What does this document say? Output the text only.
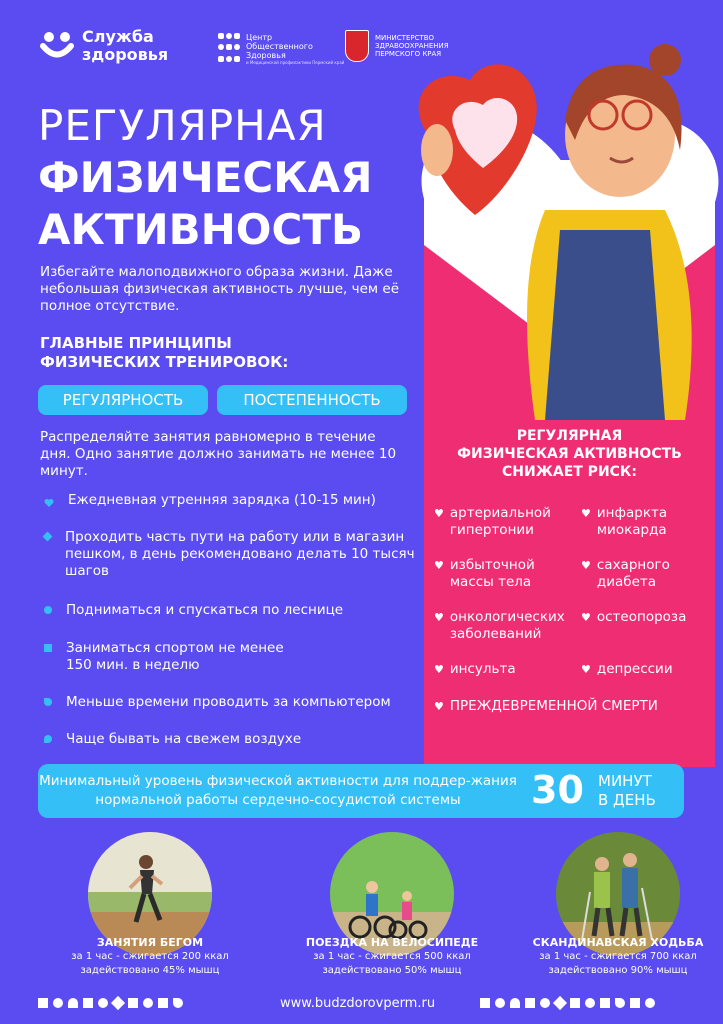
Служба
здоровья
Центр
Общественного
Здоровья
и Медицинской профилактики Пермский край
МИНИСТЕРСТВО
ЗДРАВООХРАНЕНИЯ
ПЕРМСКОГО КРАЯ
РЕГУЛЯРНАЯ
ФИЗИЧЕСКАЯ
АКТИВНОСТЬ
Избегайте малоподвижного образа жизни. Даже небольшая физическая активность лучше, чем её полное отсутствие.
ГЛАВНЫЕ ПРИНЦИПЫ
ФИЗИЧЕСКИХ ТРЕНИРОВОК:
РЕГУЛЯРНОСТЬ	ПОСТЕПЕННОСТЬ
Распределяйте занятия равномерно в течение дня. Одно занятие должно занимать не менее 10 минут.
Ежедневная утренняя зарядка (10-15 мин)
Проходить часть пути на работу или в магазин пешком, в день рекомендовано делать 10 тысяч шагов
Подниматься и спускаться по леснице
Заниматься спортом не менее 150 мин. в неделю
Меньше времени проводить за компьютером
Чаще бывать на свежем воздухе
РЕГУЛЯРНАЯ
ФИЗИЧЕСКАЯ АКТИВНОСТЬ
СНИЖАЕТ РИСК:
♥ артериальной гипертонии
♥ избыточной массы тела
♥ онкологических заболеваний
♥ инсульта
♥ инфаркта миокарда
♥ сахарного диабета
♥ остеопороза
♥ депрессии
♥ ПРЕЖДЕВРЕМЕННОЙ СМЕРТИ
Минимальный уровень физической активности для поддер-жания нормальной работы сердечно-сосудистой системы	30 МИНУТ
В ДЕНЬ
ЗАНЯТИЯ БЕГОМ
за 1 час - сжигается 200 ккал
задействовано 45% мышц
ПОЕЗДКА НА ВЕЛОСИПЕДЕ
за 1 час - сжигается 500 ккал
задействовано 50% мышц
СКАНДИНАВСКАЯ ХОДЬБА
за 1 час - сжигается 700 ккал
задействовано 90% мышц
www.budzdorovperm.ru
